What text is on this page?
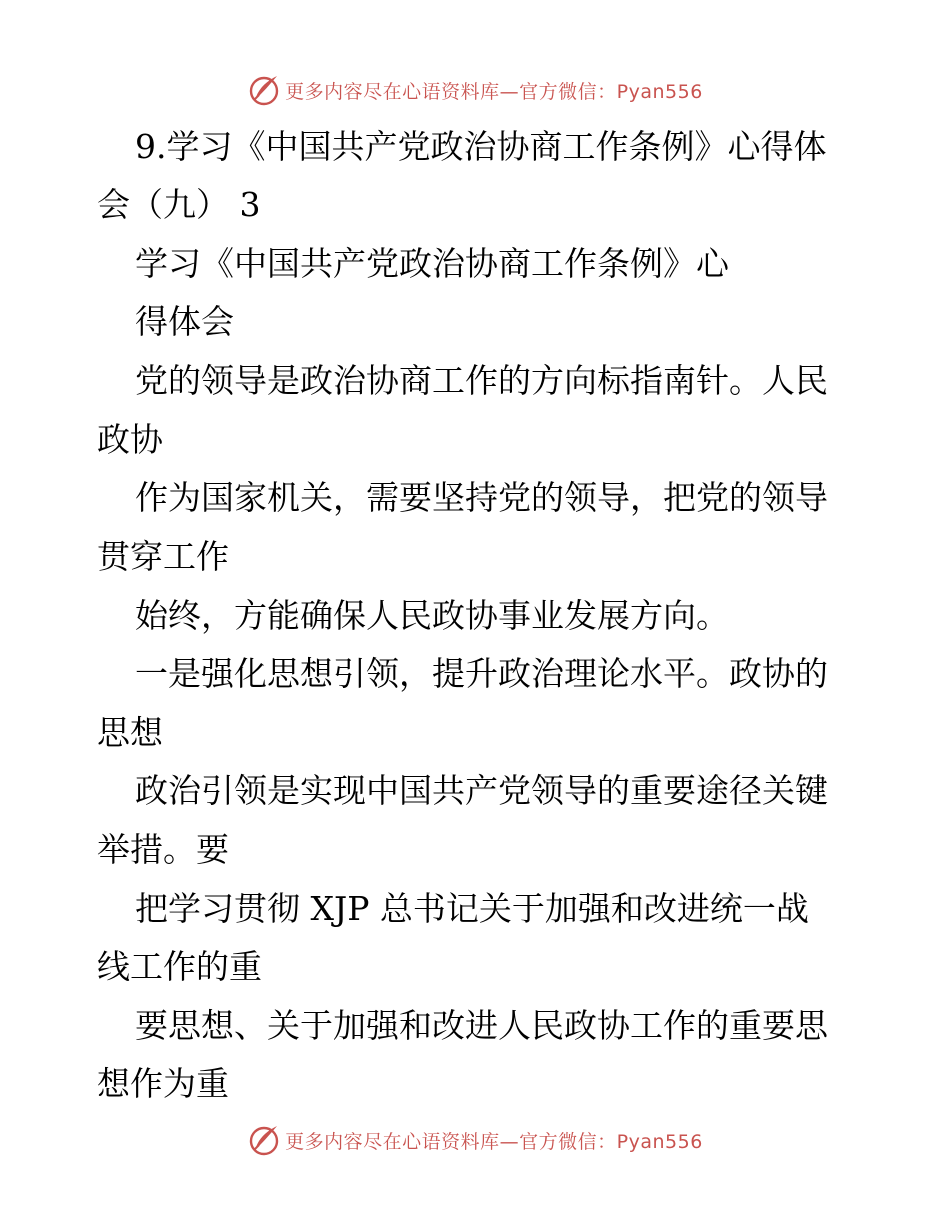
更多内容尽在心语资料库—官方微信：Pyan556
9.学习《中国共产党政治协商工作条例》心得体
会（九） 3
学习《中国共产党政治协商工作条例》心
得体会
党的领导是政治协商工作的方向标指南针。人民
政协
作为国家机关，需要坚持党的领导，把党的领导
贯穿工作
始终，方能确保人民政协事业发展方向。
一是强化思想引领，提升政治理论水平。政协的
思想
政治引领是实现中国共产党领导的重要途径关键
举措。要
把学习贯彻 XJP 总书记关于加强和改进统一战
线工作的重
要思想、关于加强和改进人民政协工作的重要思
想作为重
更多内容尽在心语资料库—官方微信：Pyan556
